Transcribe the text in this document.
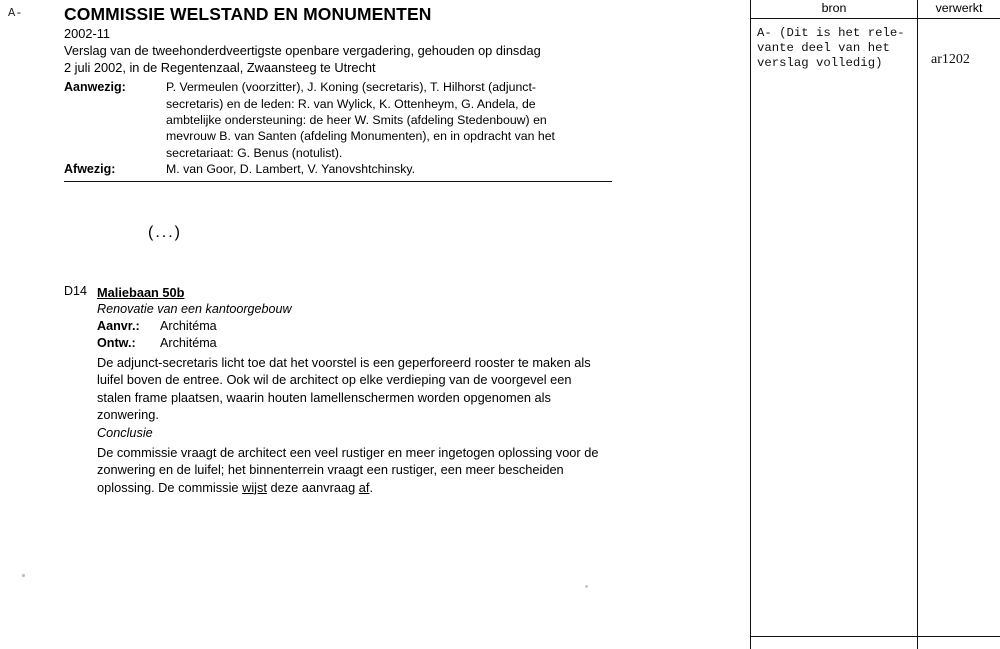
A- COMMISSIE WELSTAND EN MONUMENTEN
2002-11
Verslag van de tweehonderdveertigste openbare vergadering, gehouden op dinsdag
2 juli 2002, in de Regentenzaal, Zwaansteeg te Utrecht
Aanwezig:	P. Vermeulen (voorzitter), J. Koning (secretaris), T. Hilhorst (adjunct-
secretaris) en de leden: R. van Wylick, K. Ottenheym, G. Andela, de
ambtelijke ondersteuning: de heer W. Smits (afdeling Stedenbouw) en
mevrouw B. van Santen (afdeling Monumenten), en in opdracht van het
secretariaat: G. Benus (notulist).
Afwezig:	M. van Goor, D. Lambert, V. Yanovshtchinsky.
(...)
D14 Maliebaan 50b
Renovatie van een kantoorgebouw
Aanvr.:	Architéma
Ontw.:	Architéma
De adjunct-secretaris licht toe dat het voorstel is een geperforeerd rooster te maken als
luifel boven de entree. Ook wil de architect op elke verdieping van de voorgevel een
stalen frame plaatsen, waarin houten lamellenschermen worden opgenomen als
zonwering.
Conclusie
De commissie vraagt de architect een veel rustiger en meer ingetogen oplossing voor de
zonwering en de luifel; het binnenterrein vraagt een rustiger, een meer bescheiden
oplossing. De commissie wijst deze aanvraag af.
bron	verwerkt
A- (Dit is het rele-
vante deel van het
verslag volledig)	ar1202
